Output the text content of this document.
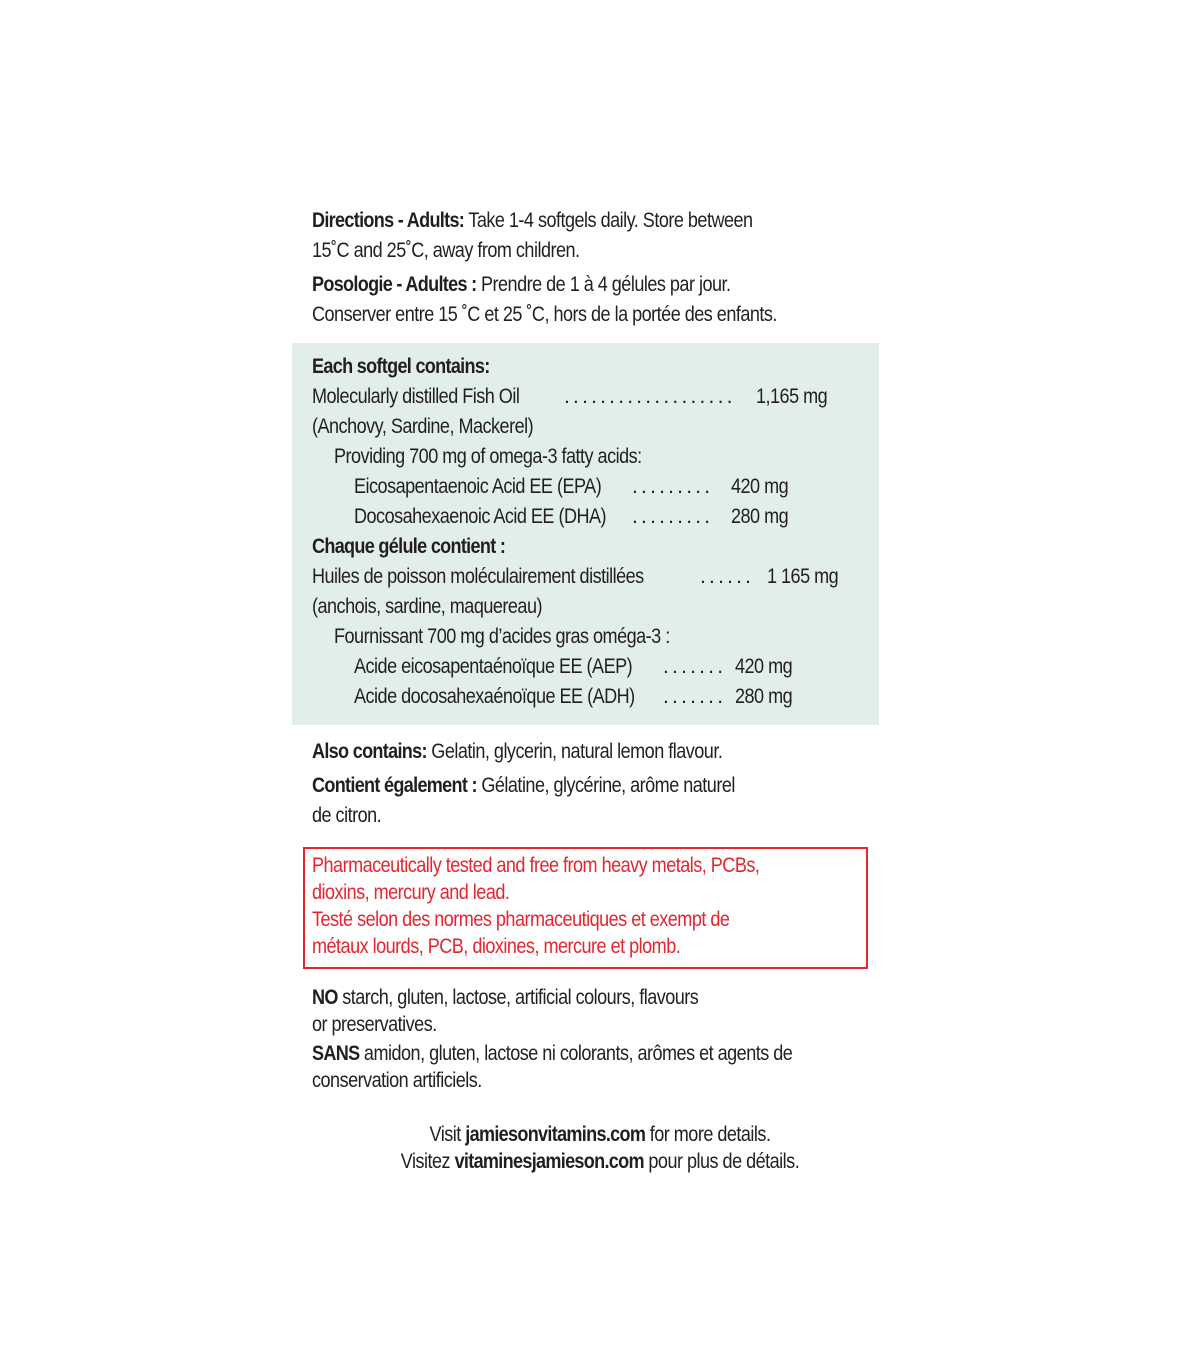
Directions - Adults: Take 1-4 softgels daily. Store between

15˚C and 25˚C, away from children.

Posologie - Adultes : Prendre de 1 à 4 gélules par jour.

Conserver entre 15 ˚C et 25 ˚C, hors de la portée des enfants.

Each softgel contains:

Molecularly distilled Fish Oil ................... 1,165 mg

(Anchovy, Sardine, Mackerel)

Providing 700 mg of omega-3 fatty acids:

Eicosapentaenoic Acid EE (EPA) ......... 420 mg
Docosahexaenoic Acid EE (DHA) ......... 280 mg

Chaque gélule contient :

Huiles de poisson moléculairement distillées	...... 1 165 mg

(anchois, sardine, maquereau)

Fournissant 700 mg d’acides gras oméga-3 :

Acide eicosapentaénoïque EE (AEP) ....... 420 mg
Acide docosahexaénoïque EE (ADH) ....... 280 mg

Also contains: Gelatin, glycerin, natural lemon flavour.

Contient également : Gélatine, glycérine, arôme naturel

de citron.

Pharmaceutically tested and free from heavy metals, PCBs,

dioxins, mercury and lead.

Testé selon des normes pharmaceutiques et exempt de

métaux lourds, PCB, dioxines, mercure et plomb.

NO starch, gluten, lactose, artificial colours, flavours

or preservatives.

SANS amidon, gluten, lactose ni colorants, arômes et agents de

conservation artificiels.

Visit jamiesonvitamins.com for more details.

Visitez vitaminesjamieson.com pour plus de détails.
